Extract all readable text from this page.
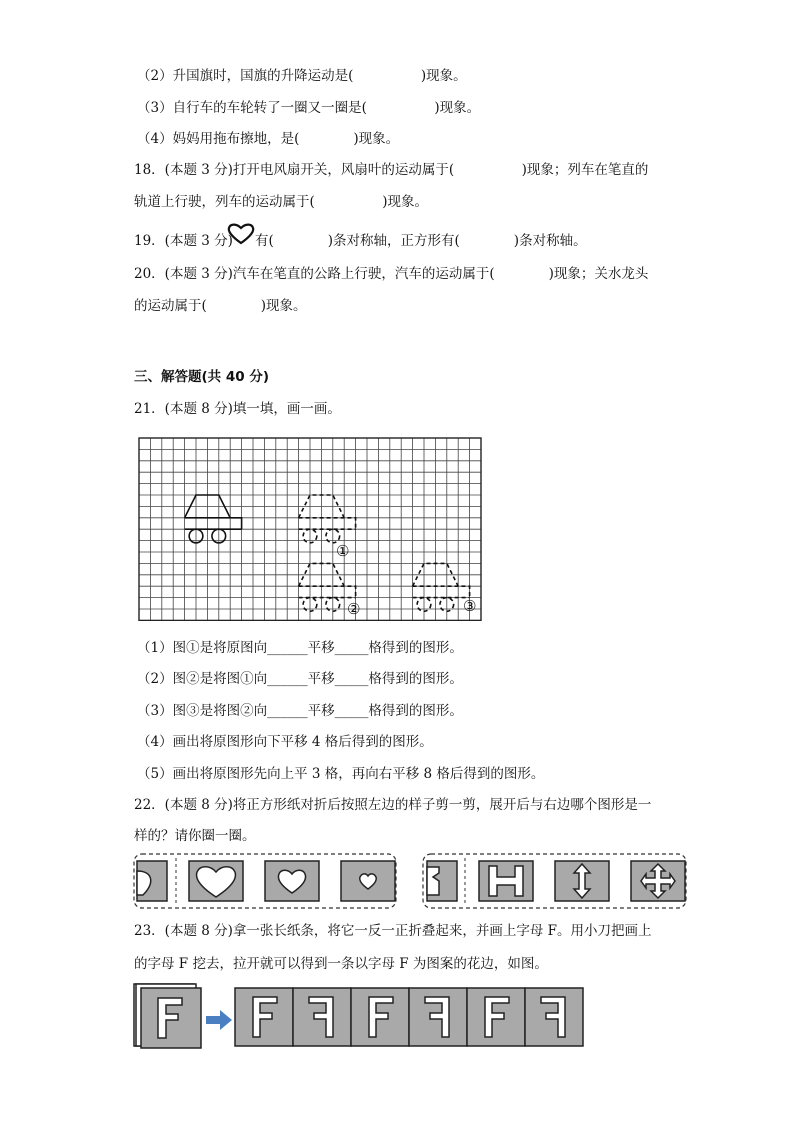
（2）升国旗时，国旗的升降运动是(　　　　　)现象。
（3）自行车的车轮转了一圈又一圈是(　　　　　)现象。
（4）妈妈用拖布擦地，是(　　　　)现象。
18．(本题 3 分)打开电风扇开关，风扇叶的运动属于(　　　　　)现象；列车在笔直的
轨道上行驶，列车的运动属于(　　　　　)现象。
19．(本题 3 分) 有(　　　　)条对称轴，正方形有(　　　　)条对称轴。
20．(本题 3 分)汽车在笔直的公路上行驶，汽车的运动属于(　　　　)现象；关水龙头
的运动属于(　　　　)现象。
三、解答题(共 40 分)
21．(本题 8 分)填一填，画一画。
①
②	③
（1）图①是将原图向______平移_____格得到的图形。
（2）图②是将图①向______平移_____格得到的图形。
（3）图③是将图②向______平移_____格得到的图形。
（4）画出将原图形向下平移 4 格后得到的图形。
（5）画出将原图形先向上平 3 格，再向右平移 8 格后得到的图形。
22．(本题 8 分)将正方形纸对折后按照左边的样子剪一剪，展开后与右边哪个图形是一
样的？请你圈一圈。
23．(本题 8 分)拿一张长纸条，将它一反一正折叠起来，并画上字母 F。用小刀把画上
的字母 F 挖去，拉开就可以得到一条以字母 F 为图案的花边，如图。
